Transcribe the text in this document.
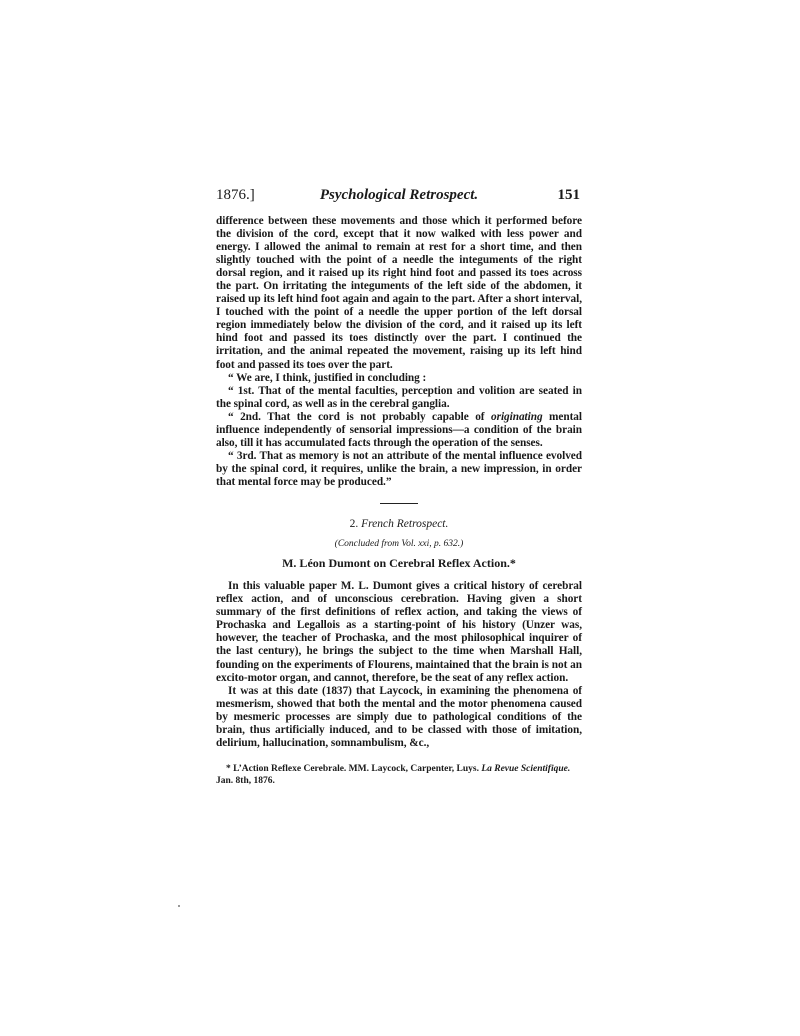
1876.]	Psychological Retrospect.	151

difference between these movements and those which it performed before the division of the cord, except that it now walked with less power and energy. I allowed the animal to remain at rest for a short time, and then slightly touched with the point of a needle the integuments of the right dorsal region, and it raised up its right hind foot and passed its toes across the part. On irritating the integuments of the left side of the abdomen, it raised up its left hind foot again and again to the part. After a short interval, I touched with the point of a needle the upper portion of the left dorsal region immediately below the division of the cord, and it raised up its left hind foot and passed its toes distinctly over the part. I continued the irritation, and the animal repeated the movement, raising up its left hind foot and passed its toes over the part.

“ We are, I think, justified in concluding :

“ 1st. That of the mental faculties, perception and volition are seated in the spinal cord, as well as in the cerebral ganglia.

“ 2nd. That the cord is not probably capable of originating mental influence independently of sensorial impressions—a condition of the brain also, till it has accumulated facts through the operation of the senses.

“ 3rd. That as memory is not an attribute of the mental influence evolved by the spinal cord, it requires, unlike the brain, a new impression, in order that mental force may be produced.”

2. French Retrospect.
(Concluded from Vol. xxi, p. 632.)
M. Léon Dumont on Cerebral Reflex Action.*

In this valuable paper M. L. Dumont gives a critical history of cerebral reflex action, and of unconscious cerebration. Having given a short summary of the first definitions of reflex action, and taking the views of Prochaska and Legallois as a starting-point of his history (Unzer was, however, the teacher of Prochaska, and the most philosophical inquirer of the last century), he brings the subject to the time when Marshall Hall, founding on the experiments of Flourens, maintained that the brain is not an excito-motor organ, and cannot, therefore, be the seat of any reflex action.

It was at this date (1837) that Laycock, in examining the phenomena of mesmerism, showed that both the mental and the motor phenomena caused by mesmeric processes are simply due to pathological conditions of the brain, thus artificially induced, and to be classed with those of imitation, delirium, hallucination, somnambulism, &c.,

* L’Action Reflexe Cerebrale. MM. Laycock, Carpenter, Luys. La Revue Scientifique. Jan. 8th, 1876.
